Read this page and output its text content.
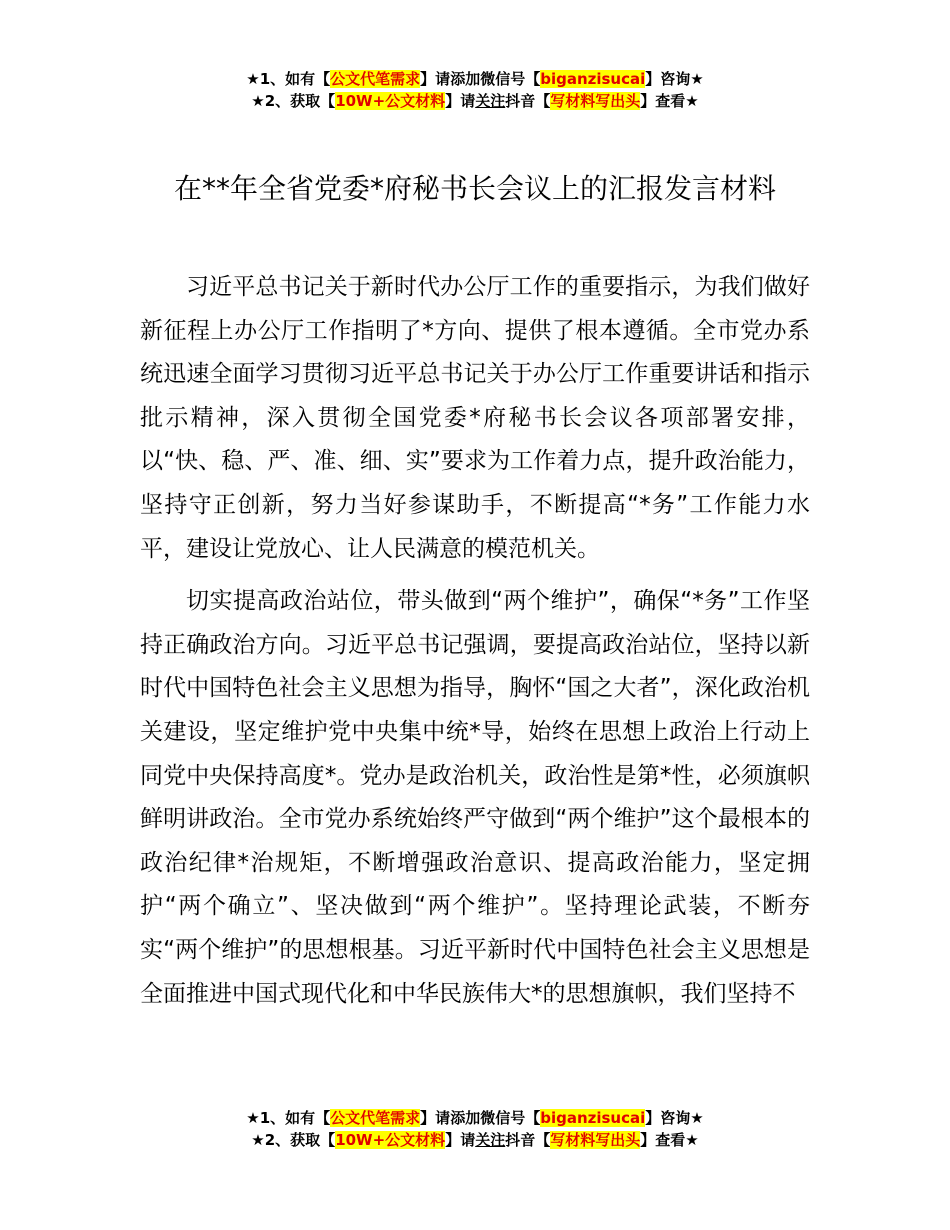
★1、如有【公文代笔需求】请添加微信号【biganzisucai】咨询★
★2、获取【10W+公文材料】请关注抖音【写材料写出头】查看★
在**年全省党委*府秘书长会议上的汇报发言材料

习近平总书记关于新时代办公厅工作的重要指示，为我们做好新征程上办公厅工作指明了*方向、提供了根本遵循。全市党办系统迅速全面学习贯彻习近平总书记关于办公厅工作重要讲话和指示批示精神，深入贯彻全国党委*府秘书长会议各项部署安排，以“快、稳、严、准、细、实”要求为工作着力点，提升政治能力，坚持守正创新，努力当好参谋助手，不断提高“*务”工作能力水平，建设让党放心、让人民满意的模范机关。

切实提高政治站位，带头做到“两个维护”，确保“*务”工作坚持正确政治方向。习近平总书记强调，要提高政治站位，坚持以新时代中国特色社会主义思想为指导，胸怀“国之大者”，深化政治机关建设，坚定维护党中央集中统*导，始终在思想上政治上行动上同党中央保持高度*。党办是政治机关，政治性是第*性，必须旗帜鲜明讲政治。全市党办系统始终严守做到“两个维护”这个最根本的政治纪律*治规矩，不断增强政治意识、提高政治能力，坚定拥护“两个确立”、坚决做到“两个维护”。坚持理论武装，不断夯实“两个维护”的思想根基。习近平新时代中国特色社会主义思想是全面推进中国式现代化和中华民族伟大*的思想旗帜，我们坚持不

★1、如有【公文代笔需求】请添加微信号【biganzisucai】咨询★
★2、获取【10W+公文材料】请关注抖音【写材料写出头】查看★
